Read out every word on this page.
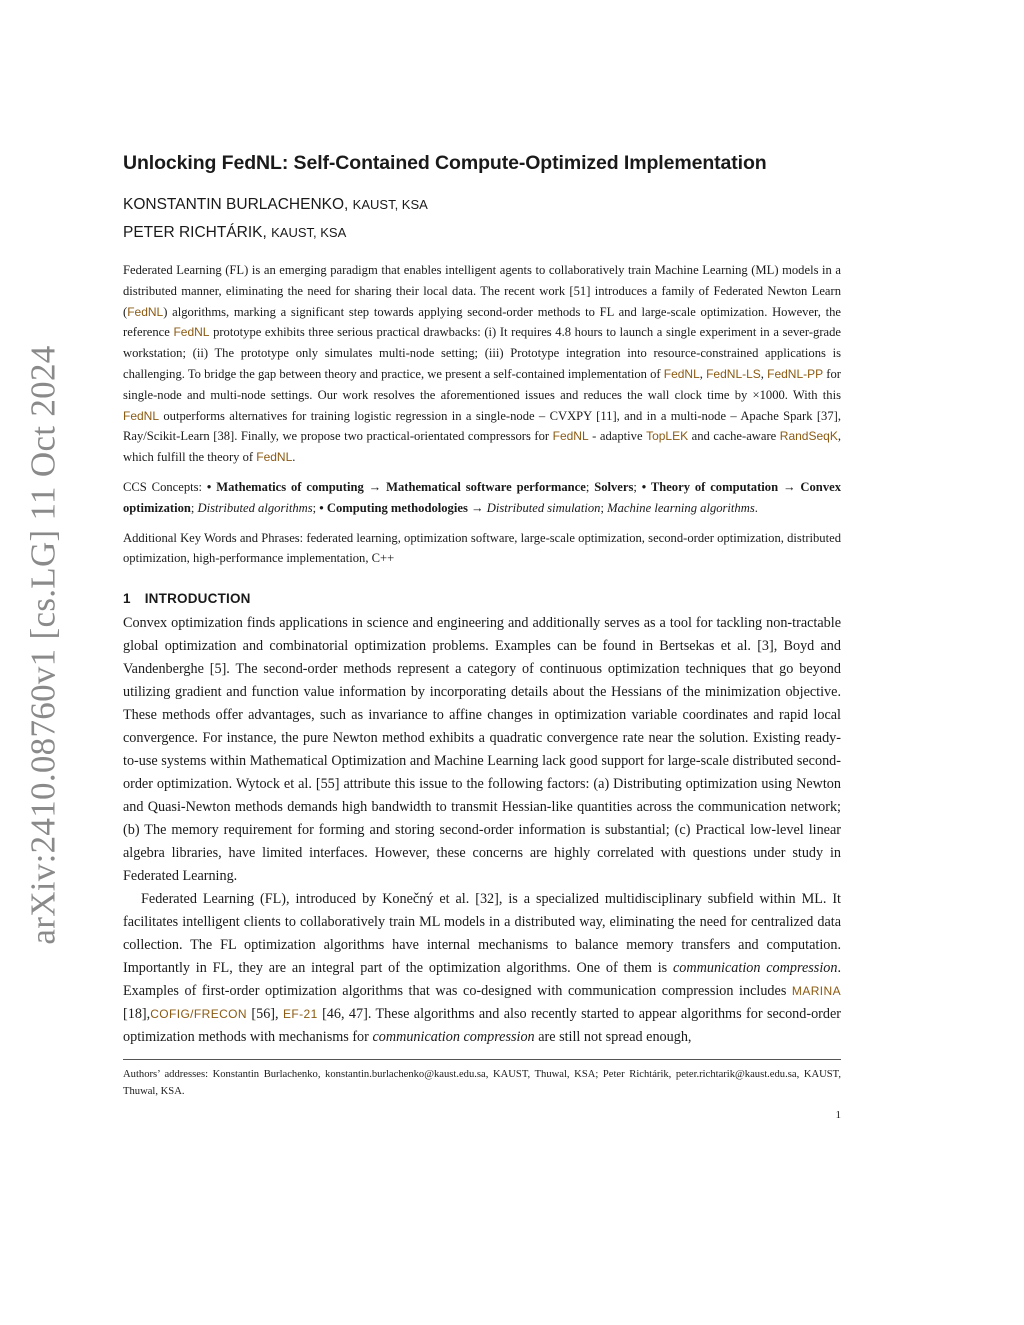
arXiv:2410.08760v1 [cs.LG] 11 Oct 2024
Unlocking FedNL: Self-Contained Compute-Optimized Implementation
KONSTANTIN BURLACHENKO, KAUST, KSA
PETER RICHTÁRIK, KAUST, KSA

Federated Learning (FL) is an emerging paradigm that enables intelligent agents to collaboratively train Machine Learning (ML) models in a distributed manner, eliminating the need for sharing their local data. The recent work [51] introduces a family of Federated Newton Learn (FedNL) algorithms, marking a significant step towards applying second-order methods to FL and large-scale optimization. However, the reference FedNL prototype exhibits three serious practical drawbacks: (i) It requires 4.8 hours to launch a single experiment in a sever-grade workstation; (ii) The prototype only simulates multi-node setting; (iii) Prototype integration into resource-constrained applications is challenging. To bridge the gap between theory and practice, we present a self-contained implementation of FedNL, FedNL-LS, FedNL-PP for single-node and multi-node settings. Our work resolves the aforementioned issues and reduces the wall clock time by ×1000. With this FedNL outperforms alternatives for training logistic regression in a single-node – CVXPY [11], and in a multi-node – Apache Spark [37], Ray/Scikit-Learn [38]. Finally, we propose two practical-orientated compressors for FedNL - adaptive TopLEK and cache-aware RandSeqK, which fulfill the theory of FedNL.

CCS Concepts: • Mathematics of computing → Mathematical software performance; Solvers; • Theory of computation → Convex optimization; Distributed algorithms; • Computing methodologies → Distributed simulation; Machine learning algorithms.

Additional Key Words and Phrases: federated learning, optimization software, large-scale optimization, second-order optimization, distributed optimization, high-performance implementation, C++

1 INTRODUCTION

Convex optimization finds applications in science and engineering and additionally serves as a tool for tackling non-tractable global optimization and combinatorial optimization problems. Examples can be found in Bertsekas et al. [3], Boyd and Vandenberghe [5]. The second-order methods represent a category of continuous optimization techniques that go beyond utilizing gradient and function value information by incorporating details about the Hessians of the minimization objective. These methods offer advantages, such as invariance to affine changes in optimization variable coordinates and rapid local convergence. For instance, the pure Newton method exhibits a quadratic convergence rate near the solution. Existing ready-to-use systems within Mathematical Optimization and Machine Learning lack good support for large-scale distributed second-order optimization. Wytock et al. [55] attribute this issue to the following factors: (a) Distributing optimization using Newton and Quasi-Newton methods demands high bandwidth to transmit Hessian-like quantities across the communication network; (b) The memory requirement for forming and storing second-order information is substantial; (c) Practical low-level linear algebra libraries, have limited interfaces. However, these concerns are highly correlated with questions under study in Federated Learning.

Federated Learning (FL), introduced by Konečný et al. [32], is a specialized multidisciplinary subfield within ML. It facilitates intelligent clients to collaboratively train ML models in a distributed way, eliminating the need for centralized data collection. The FL optimization algorithms have internal mechanisms to balance memory transfers and computation. Importantly in FL, they are an integral part of the optimization algorithms. One of them is communication compression. Examples of first-order optimization algorithms that was co-designed with communication compression includes MARINA [18],COFIG/FRECON [56], EF-21 [46, 47]. These algorithms and also recently started to appear algorithms for second-order optimization methods with mechanisms for communication compression are still not spread enough,

Authors’ addresses: Konstantin Burlachenko, konstantin.burlachenko@kaust.edu.sa, KAUST, Thuwal, KSA; Peter Richtárik, peter.richtarik@kaust.edu.sa, KAUST, Thuwal, KSA.
1
